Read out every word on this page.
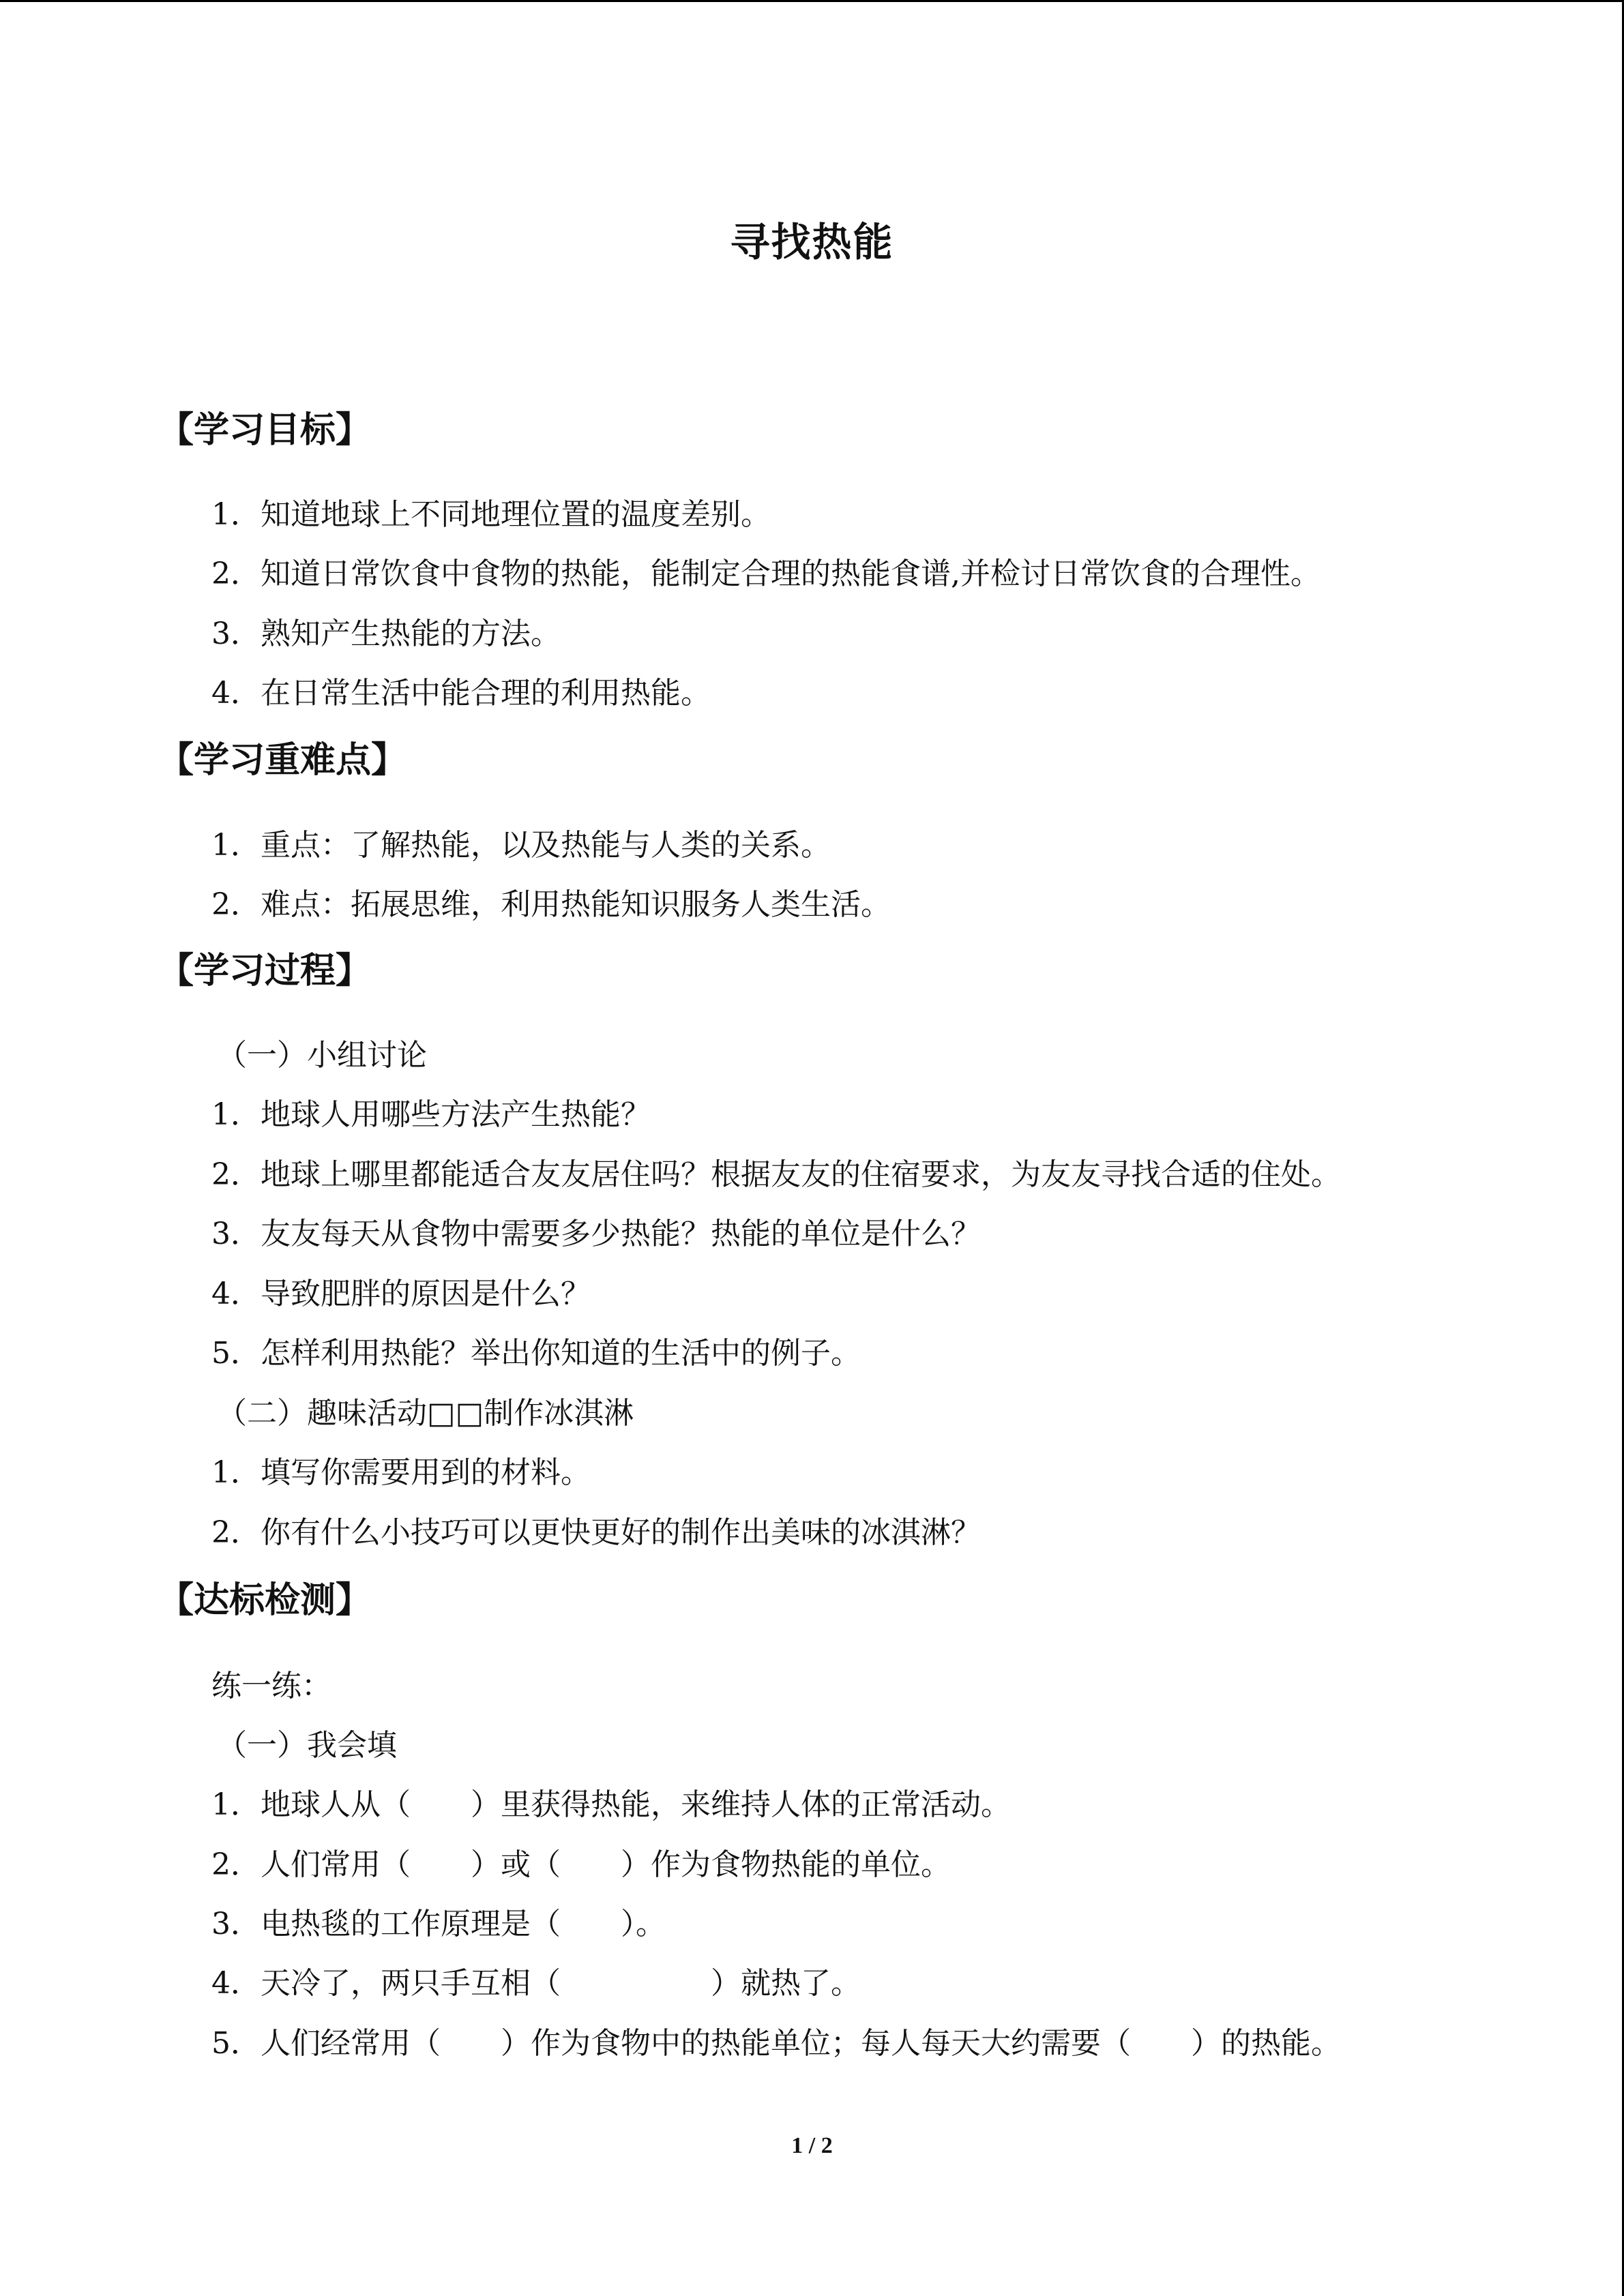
寻找热能
【学习目标】
1．知道地球上不同地理位置的温度差别。
2．知道日常饮食中食物的热能，能制定合理的热能食谱,并检讨日常饮食的合理性。
3．熟知产生热能的方法。
4．在日常生活中能合理的利用热能。
【学习重难点】
1．重点：了解热能，以及热能与人类的关系。
2．难点：拓展思维，利用热能知识服务人类生活。
【学习过程】
（一）小组讨论
1．地球人用哪些方法产生热能？
2．地球上哪里都能适合友友居住吗？根据友友的住宿要求，为友友寻找合适的住处。
3．友友每天从食物中需要多少热能？热能的单位是什么？
4．导致肥胖的原因是什么？
5．怎样利用热能？举出你知道的生活中的例子。
（二）趣味活动□□制作冰淇淋
1．填写你需要用到的材料。
2．你有什么小技巧可以更快更好的制作出美味的冰淇淋？
【达标检测】
练一练：
（一）我会填
1．地球人从（　　）里获得热能，来维持人体的正常活动。
2．人们常用（　　）或（　　）作为食物热能的单位。
3．电热毯的工作原理是（　　）。
4．天冷了，两只手互相（　　　　　）就热了。
5．人们经常用（　　）作为食物中的热能单位；每人每天大约需要（　　）的热能。
1 / 2
